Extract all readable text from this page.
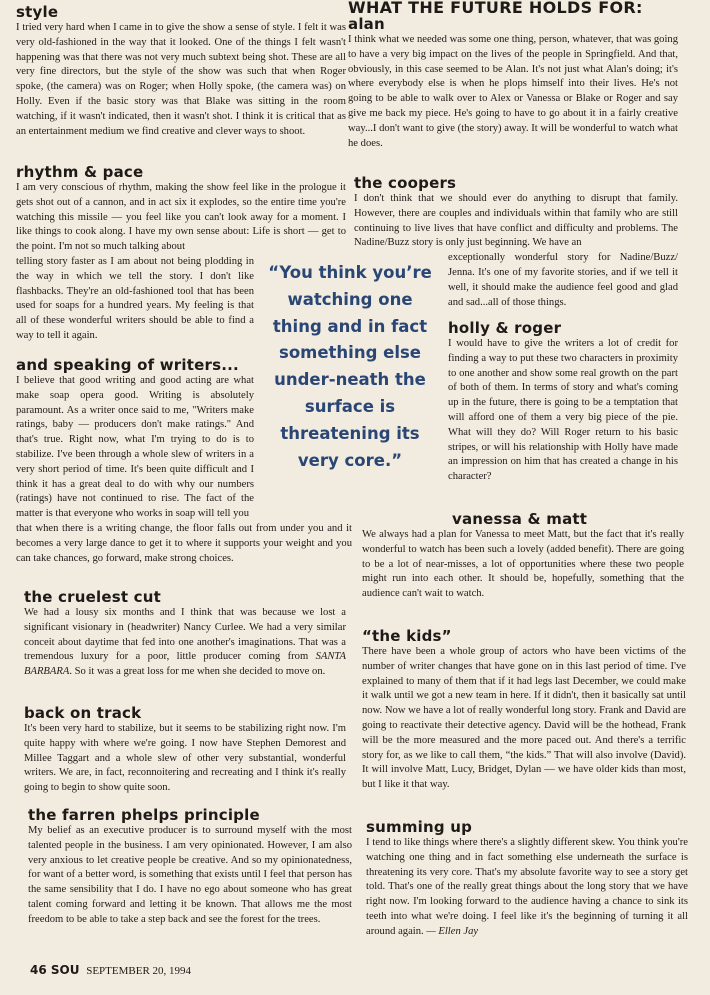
style

I tried very hard when I came in to give the show a sense of style. I felt it was very old-fashioned in the way that it looked. One of the things I felt wasn't happening was that there was not very much subtext being shot. These are all very fine directors, but the style of the show was such that when Roger spoke, (the camera) was on Roger; when Holly spoke, (the camera was) on Holly. Even if the basic story was that Blake was sitting in the room watching, if it wasn't indicated, then it wasn't shot. I think it is critical that as an entertainment medium we find creative and clever ways to shoot.

rhythm & pace

I am very conscious of rhythm, making the show feel like in the prologue it gets shot out of a cannon, and in act six it explodes, so the entire time you're watching this missile — you feel like you can't look away for a moment. I like things to cook along. I have my own sense about: Life is short — get to the point. I'm not so much talking about

telling story faster as I am about not being plodding in the way in which we tell the story. I don't like flashbacks. They're an old-fashioned tool that has been used for soaps for a hundred years. My feeling is that all of these wonderful writers should be able to find a way to tell it again.

and speaking of writers...

I believe that good writing and good acting are what make soap opera good. Writing is absolutely paramount. As a writer once said to me, "Writers make ratings, baby — producers don't make ratings." And that's true. Right now, what I'm trying to do is to stabilize. I've been through a whole slew of writers in a very short period of time. It's been quite difficult and I think it has a great deal to do with why our numbers (ratings) have not continued to rise. The fact of the matter is that everyone who works in soap will tell you

that when there is a writing change, the floor falls out from under you and it becomes a very large dance to get it to where it supports your weight and you can take chances, go forward, make strong choices.

the cruelest cut

We had a lousy six months and I think that was because we lost a significant visionary in (headwriter) Nancy Curlee. We had a very similar conceit about daytime that fed into one another's imaginations. That was a tremendous luxury for a poor, little producer coming from SANTA BARBARA. So it was a great loss for me when she decided to move on.

back on track

It's been very hard to stabilize, but it seems to be stabilizing right now. I'm quite happy with where we're going. I now have Stephen Demorest and Millee Taggart and a whole slew of other very substantial, wonderful writers. We are, in fact, reconnoitering and recreating and I think it's really going to begin to show quite soon.

the farren phelps principle

My belief as an executive producer is to surround myself with the most talented people in the business. I am very opinionated. However, I am also very anxious to let creative people be creative. And so my opinionatedness, for want of a better word, is something that exists until I feel that person has the same sensibility that I do. I have no ego about someone who has great talent coming forward and letting it be known. That allows me the most freedom to be able to take a step back and see the forest for the trees.

“You think you’re watching one thing and in fact something else under-neath the surface is threatening its very core.”

WHAT THE FUTURE HOLDS FOR:
alan

I think what we needed was some one thing, person, whatever, that was going to have a very big impact on the lives of the people in Springfield. And that, obviously, in this case seemed to be Alan. It's not just what Alan's doing; it's where everybody else is when he plops himself into their lives. He's not going to be able to walk over to Alex or Vanessa or Blake or Roger and say give me back my piece. He's going to have to go about it in a fairly creative way...I don't want to give (the story) away. It will be wonderful to watch what he does.

the coopers

I don't think that we should ever do anything to disrupt that family. However, there are couples and individuals within that family who are still continuing to live lives that have conflict and difficulty and problems. The Nadine/Buzz story is only just beginning. We have an

exceptionally wonderful story for Nadine/Buzz/ Jenna. It's one of my favorite stories, and if we tell it well, it should make the audience feel good and glad and sad...all of those things.

holly & roger

I would have to give the writers a lot of credit for finding a way to put these two characters in proximity to one another and show some real growth on the part of both of them. In terms of story and what's coming up in the future, there is going to be a temptation that will afford one of them a very big piece of the pie. What will they do? Will Roger return to his basic stripes, or will his relationship with Holly have made an impression on him that has created a change in his character?

vanessa & matt

We always had a plan for Vanessa to meet Matt, but the fact that it's really wonderful to watch has been such a lovely (added benefit). There are going to be a lot of near-misses, a lot of opportunities where these two people might run into each other. It should be, hopefully, something that the audience can't wait to watch.

“the kids”

There have been a whole group of actors who have been victims of the number of writer changes that have gone on in this last period of time. I've explained to many of them that if it had legs last December, we could make it walk until we got a new team in here. If it didn't, then it basically sat until now. Now we have a lot of really wonderful long story. Frank and David are going to reactivate their detective agency. David will be the hothead, Frank will be the more measured and the more paced out. And there's a terrific story for, as we like to call them, “the kids.” That will also involve (David). It will involve Matt, Lucy, Bridget, Dylan — we have older kids than most, but I like it that way.

summing up

I tend to like things where there's a slightly different skew. You think you're watching one thing and in fact something else underneath the surface is threatening its very core. That's my absolute favorite way to see a story get told. That's one of the really great things about the long story that we have right now. I'm looking forward to the audience having a chance to sink its teeth into what we're doing. I feel like it's the beginning of turning it all around again. — Ellen Jay

46 SOU SEPTEMBER 20, 1994
